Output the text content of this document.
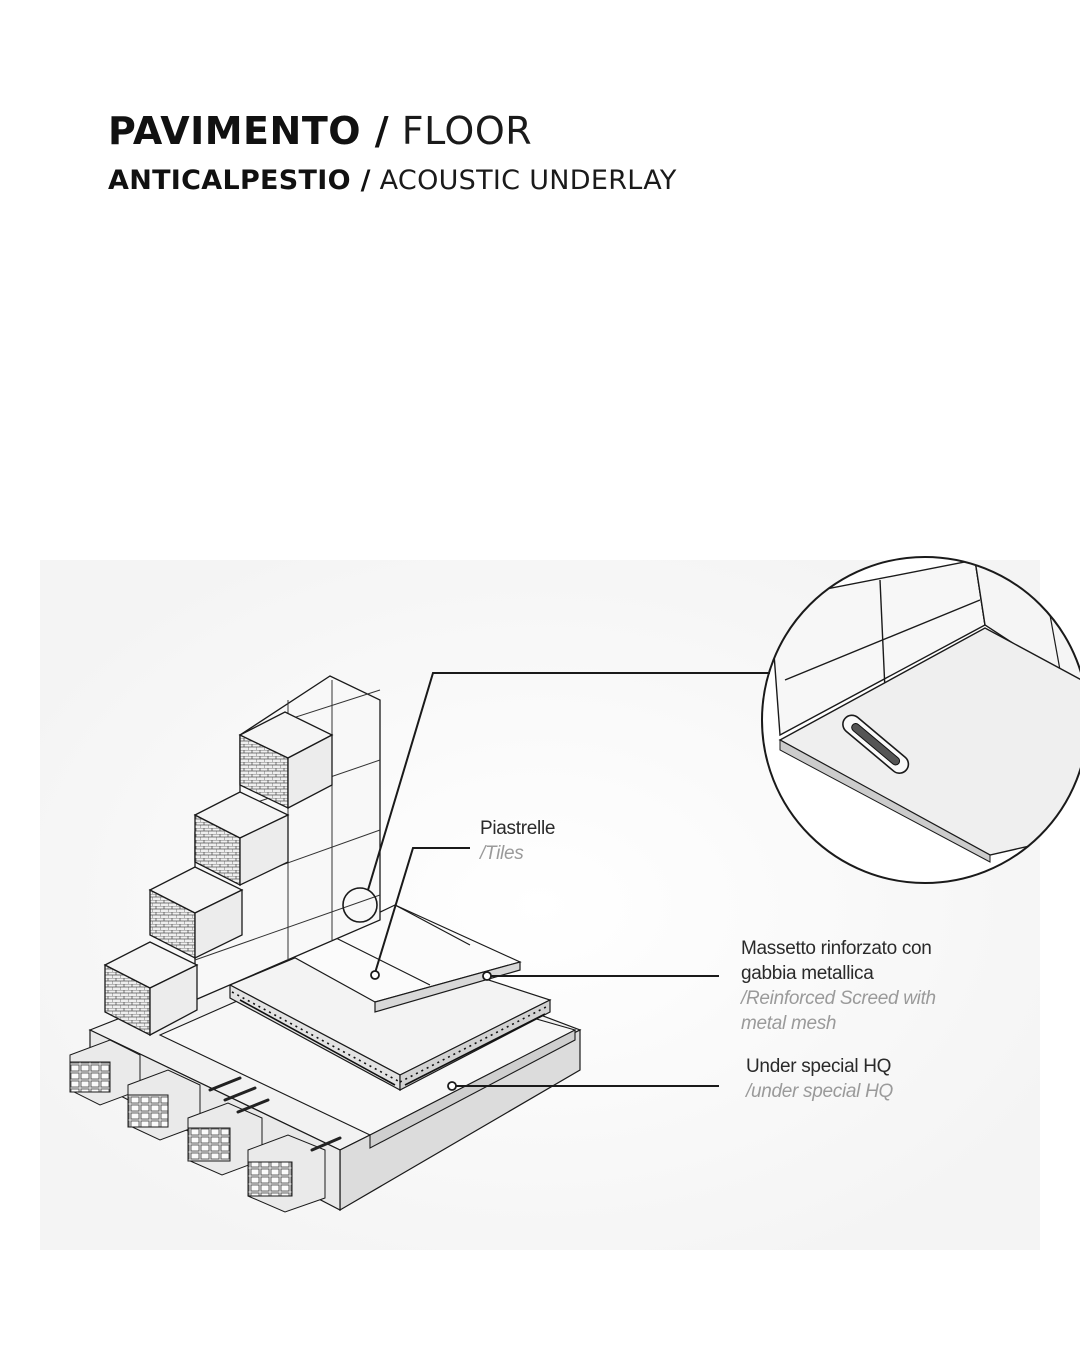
PAVIMENTO / FLOOR
ANTICALPESTIO / ACOUSTIC UNDERLAY
Piastrelle
/Tiles
Massetto rinforzato con
gabbia metallica
/Reinforced Screed with
metal mesh
Under special HQ
/under special HQ
